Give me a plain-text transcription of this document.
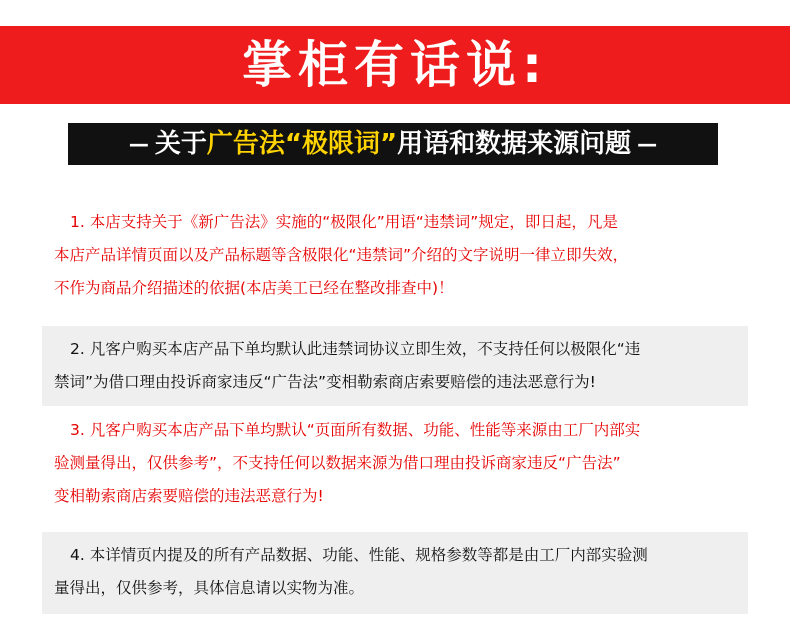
掌柜有话说:
— 关于 广告法 “极限词” 用语和数据来源问题 —
1. 本店支持关于《新广告法》实施的“极限化”用语“违禁词”规定，即日起，凡是
本店产品详情页面以及产品标题等含极限化“违禁词”介绍的文字说明一律立即失效，
不作为商品介绍描述的依据(本店美工已经在整改排查中)！
2. 凡客户购买本店产品下单均默认此违禁词协议立即生效，不支持任何以极限化“违
禁词”为借口理由投诉商家违反“广告法”变相勒索商店索要赔偿的违法恶意行为!
3. 凡客户购买本店产品下单均默认“页面所有数据、功能、性能等来源由工厂内部实
验测量得出，仅供参考”，不支持任何以数据来源为借口理由投诉商家违反“广告法”
变相勒索商店索要赔偿的违法恶意行为!
4. 本详情页内提及的所有产品数据、功能、性能、规格参数等都是由工厂内部实验测
量得出，仅供参考，具体信息请以实物为准。
